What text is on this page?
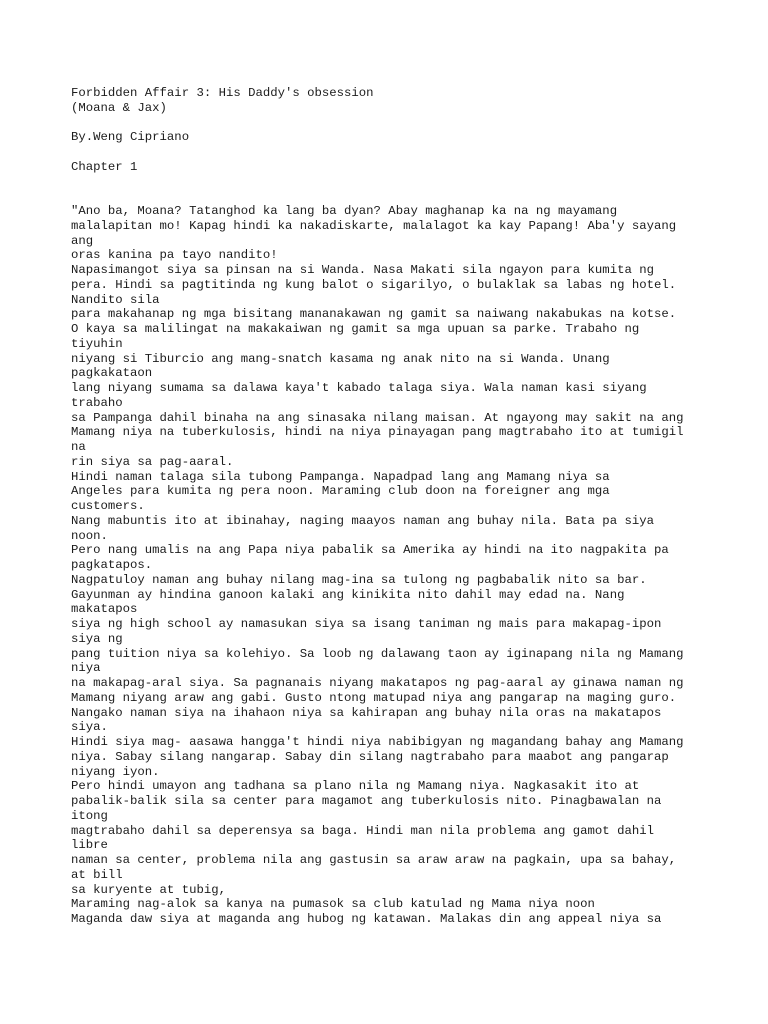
Forbidden Affair 3: His Daddy's obsession
(Moana & Jax)
By.Weng Cipriano
Chapter 1
"Ano ba, Moana? Tatanghod ka lang ba dyan? Abay maghanap ka na ng mayamang
malalapitan mo! Kapag hindi ka nakadiskarte, malalagot ka kay Papang! Aba'y sayang
ang
oras kanina pa tayo nandito!
Napasimangot siya sa pinsan na si Wanda. Nasa Makati sila ngayon para kumita ng
pera. Hindi sa pagtitinda ng kung balot o sigarilyo, o bulaklak sa labas ng hotel.
Nandito sila
para makahanap ng mga bisitang mananakawan ng gamit sa naiwang nakabukas na kotse.
O kaya sa malilingat na makakaiwan ng gamit sa mga upuan sa parke. Trabaho ng
tiyuhin
niyang si Tiburcio ang mang-snatch kasama ng anak nito na si Wanda. Unang
pagkakataon
lang niyang sumama sa dalawa kaya't kabado talaga siya. Wala naman kasi siyang
trabaho
sa Pampanga dahil binaha na ang sinasaka nilang maisan. At ngayong may sakit na ang
Mamang niya na tuberkulosis, hindi na niya pinayagan pang magtrabaho ito at tumigil
na
rin siya sa pag-aaral.
Hindi naman talaga sila tubong Pampanga. Napadpad lang ang Mamang niya sa
Angeles para kumita ng pera noon. Maraming club doon na foreigner ang mga
customers.
Nang mabuntis ito at ibinahay, naging maayos naman ang buhay nila. Bata pa siya
noon.
Pero nang umalis na ang Papa niya pabalik sa Amerika ay hindi na ito nagpakita pa
pagkatapos.
Nagpatuloy naman ang buhay nilang mag-ina sa tulong ng pagbabalik nito sa bar.
Gayunman ay hindina ganoon kalaki ang kinikita nito dahil may edad na. Nang
makatapos
siya ng high school ay namasukan siya sa isang taniman ng mais para makapag-ipon
siya ng
pang tuition niya sa kolehiyo. Sa loob ng dalawang taon ay iginapang nila ng Mamang
niya
na makapag-aral siya. Sa pagnanais niyang makatapos ng pag-aaral ay ginawa naman ng
Mamang niyang araw ang gabi. Gusto ntong matupad niya ang pangarap na maging guro.
Nangako naman siya na ihahaon niya sa kahirapan ang buhay nila oras na makatapos
siya.
Hindi siya mag- aasawa hangga't hindi niya nabibigyan ng magandang bahay ang Mamang
niya. Sabay silang nangarap. Sabay din silang nagtrabaho para maabot ang pangarap
niyang iyon.
Pero hindi umayon ang tadhana sa plano nila ng Mamang niya. Nagkasakit ito at
pabalik-balik sila sa center para magamot ang tuberkulosis nito. Pinagbawalan na
itong
magtrabaho dahil sa deperensya sa baga. Hindi man nila problema ang gamot dahil
libre
naman sa center, problema nila ang gastusin sa araw araw na pagkain, upa sa bahay,
at bill
sa kuryente at tubig,
Maraming nag-alok sa kanya na pumasok sa club katulad ng Mama niya noon
Maganda daw siya at maganda ang hubog ng katawan. Malakas din ang appeal niya sa
